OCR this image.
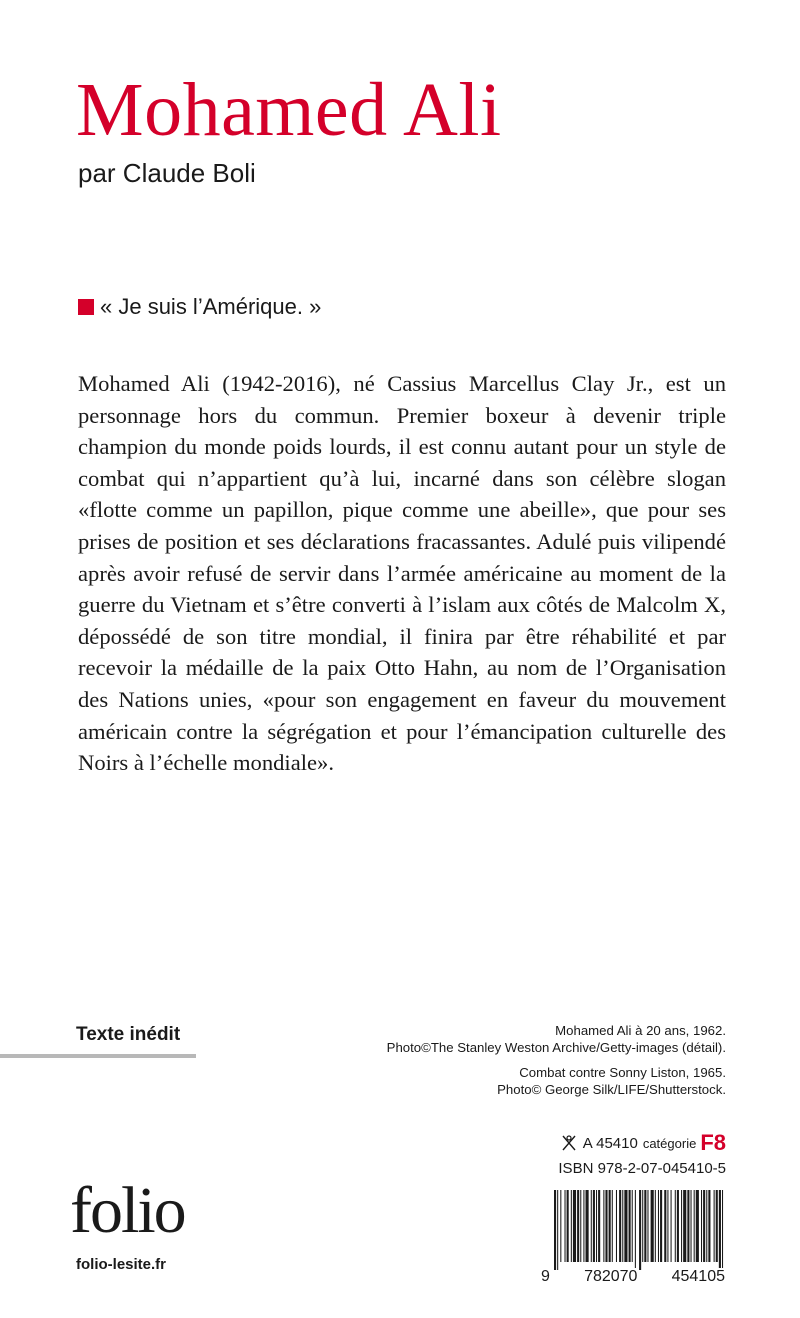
Mohamed Ali
par Claude Boli
« Je suis l’Amérique. »

Mohamed Ali (1942-2016), né Cassius Marcellus Clay Jr., est un personnage hors du commun. Premier boxeur à devenir triple champion du monde poids lourds, il est connu autant pour un style de combat qui n’appartient qu’à lui, incarné dans son célèbre slogan «flotte comme un papillon, pique comme une abeille», que pour ses prises de position et ses déclarations fracassantes. Adulé puis vilipendé après avoir refusé de servir dans l’armée américaine au moment de la guerre du Vietnam et s’être converti à l’islam aux côtés de Malcolm X, dépossédé de son titre mondial, il finira par être réhabilité et par recevoir la médaille de la paix Otto Hahn, au nom de l’Organisation des Nations unies, «pour son engagement en faveur du mouvement américain contre la ségrégation et pour l’émancipation culturelle des Noirs à l’échelle mondiale».

Texte inédit	Mohamed Ali à 20 ans, 1962.
Photo©The Stanley Weston Archive/Getty-images (détail).
Combat contre Sonny Liston, 1965.
Photo© George Silk/LIFE/Shutterstock.
A 45410 catégorie F8
ISBN 978-2-07-045410-5
9 782070 454105
folio
folio-lesite.fr
